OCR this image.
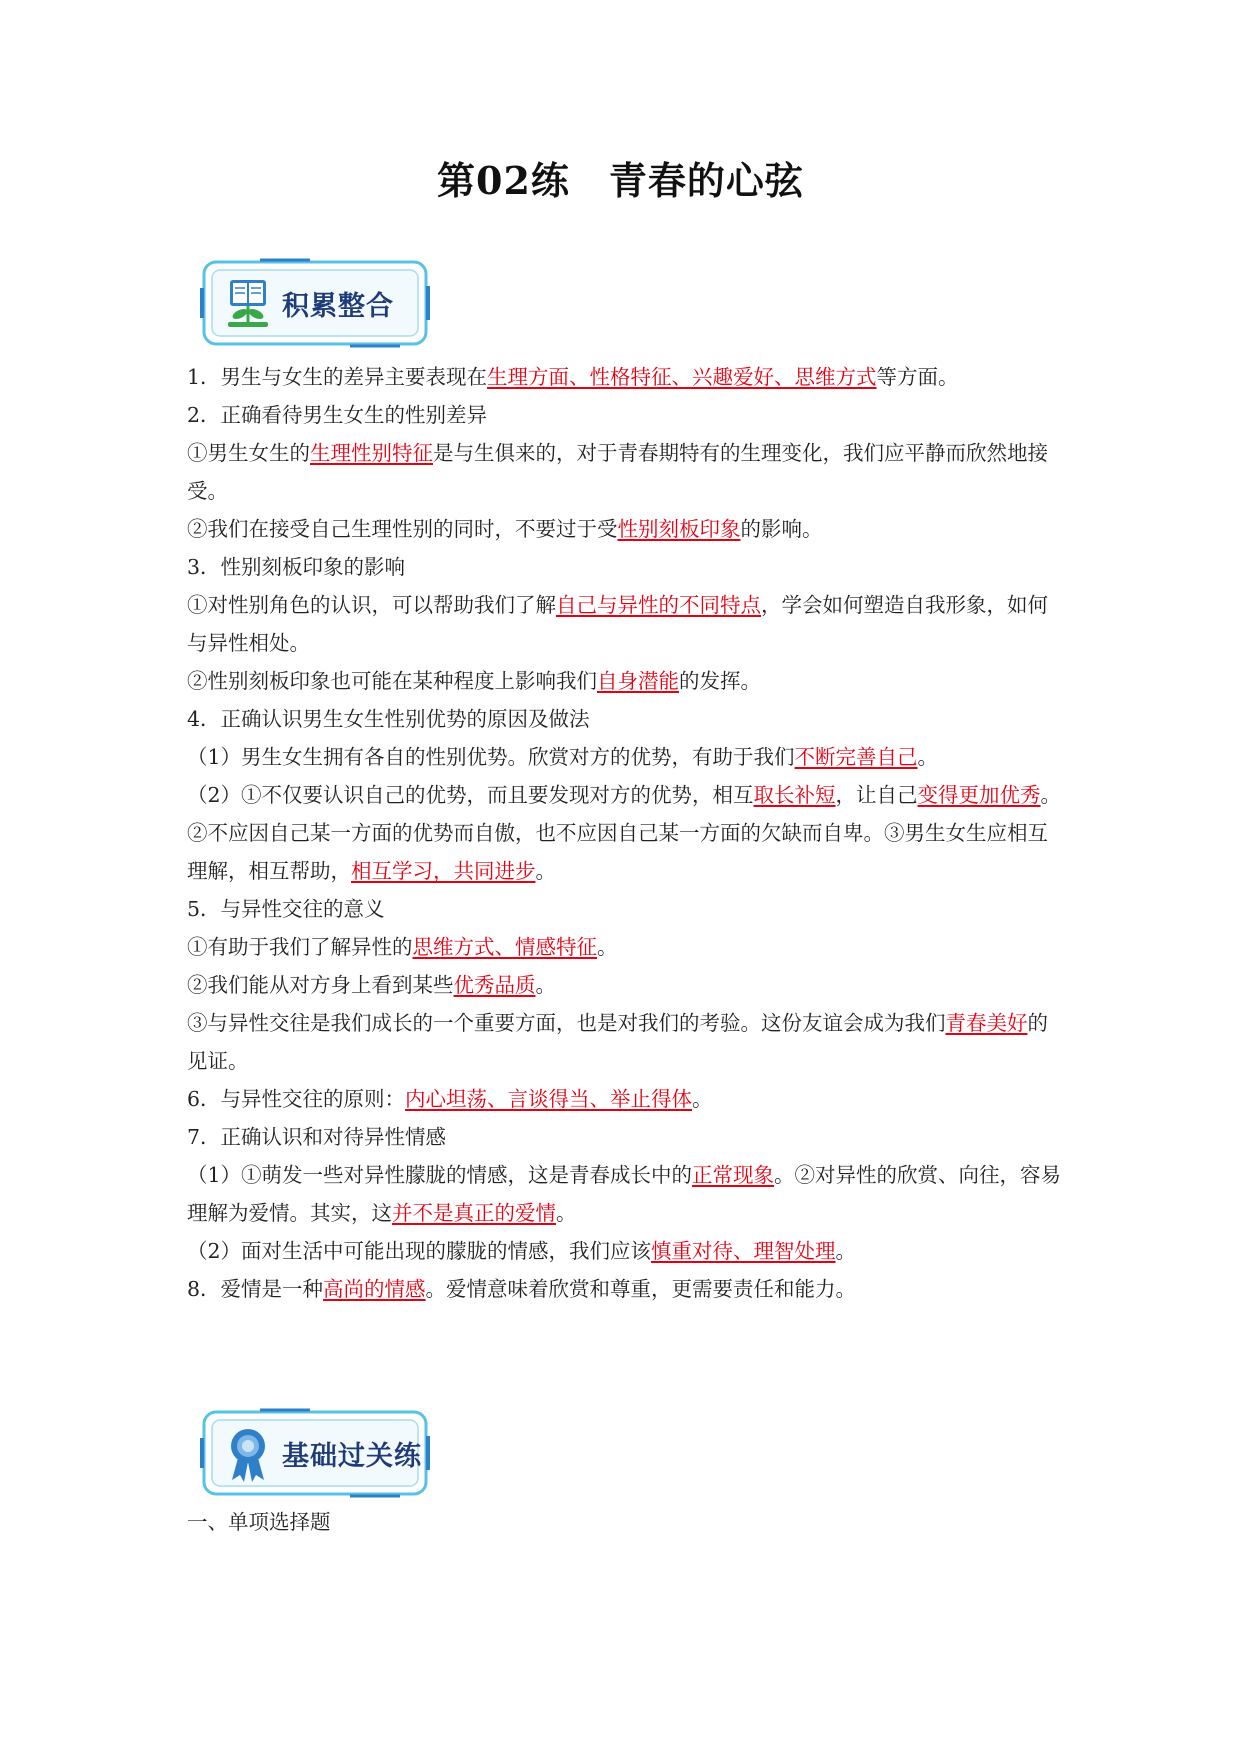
第02练　青春的心弦
积累整合

1．男生与女生的差异主要表现在生理方面、性格特征、兴趣爱好、思维方式等方面。

2．正确看待男生女生的性别差异

①男生女生的生理性别特征是与生俱来的，对于青春期特有的生理变化，我们应平静而欣然地接受。

②我们在接受自己生理性别的同时，不要过于受性别刻板印象的影响。

3．性别刻板印象的影响

①对性别角色的认识，可以帮助我们了解自己与异性的不同特点，学会如何塑造自我形象，如何与异性相处。

②性别刻板印象也可能在某种程度上影响我们自身潜能的发挥。

4．正确认识男生女生性别优势的原因及做法

（1）男生女生拥有各自的性别优势。欣赏对方的优势，有助于我们不断完善自己。

（2）①不仅要认识自己的优势，而且要发现对方的优势，相互取长补短，让自己变得更加优秀。②不应因自己某一方面的优势而自傲，也不应因自己某一方面的欠缺而自卑。③男生女生应相互理解，相互帮助，相互学习，共同进步。

5．与异性交往的意义

①有助于我们了解异性的思维方式、情感特征。

②我们能从对方身上看到某些优秀品质。

③与异性交往是我们成长的一个重要方面，也是对我们的考验。这份友谊会成为我们青春美好的见证。

6．与异性交往的原则：内心坦荡、言谈得当、举止得体。

7．正确认识和对待异性情感

（1）①萌发一些对异性朦胧的情感，这是青春成长中的正常现象。②对异性的欣赏、向往，容易理解为爱情。其实，这并不是真正的爱情。

（2）面对生活中可能出现的朦胧的情感，我们应该慎重对待、理智处理。

8．爱情是一种高尚的情感。爱情意味着欣赏和尊重，更需要责任和能力。

基础过关练
一、单项选择题
